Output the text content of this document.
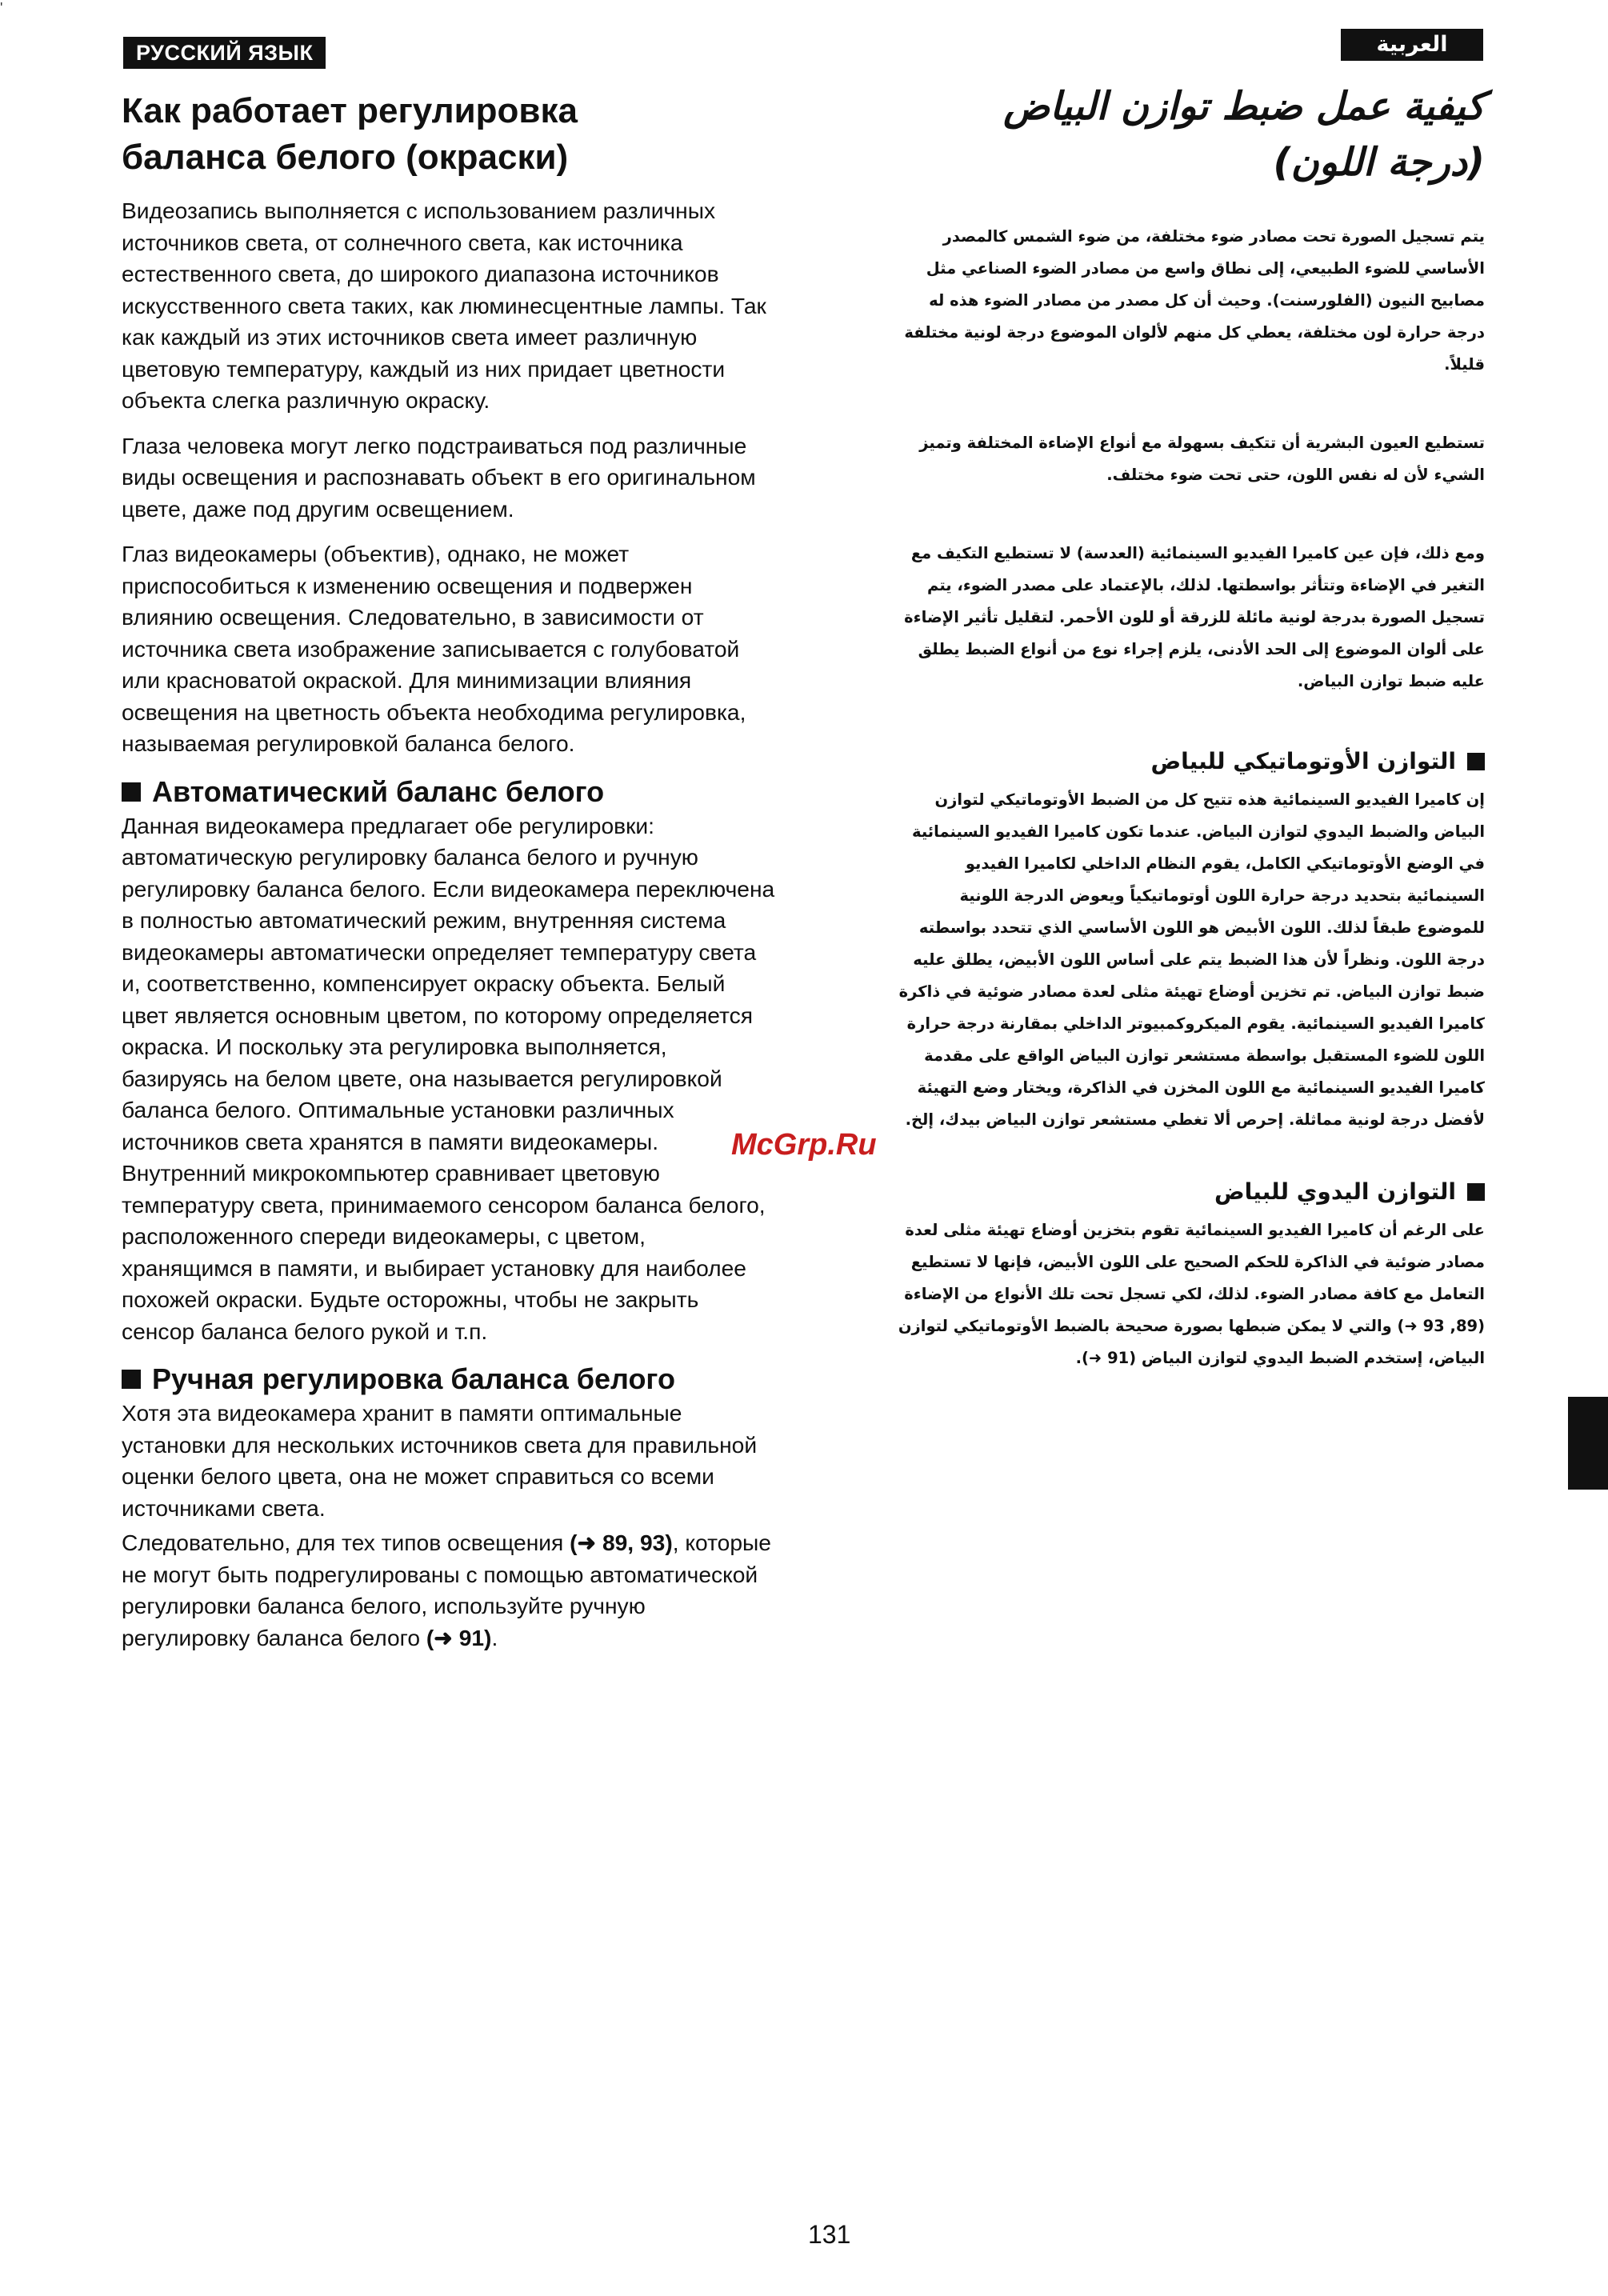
'
РУССКИЙ ЯЗЫК	العربية
Как работает регулировка
баланса белого (окраски)

Видеозапись выполняется с использованием различных источников света, от солнечного света, как источника естественного света, до широкого диапазона источников искусственного света таких, как люминесцентные лампы. Так как каждый из этих источников света имеет различную цветовую температуру, каждый из них придает цветности объекта слегка различную окраску.

Глаза человека могут легко подстраиваться под различные виды освещения и распознавать объект в его оригинальном цвете, даже под другим освещением.

Глаз видеокамеры (объектив), однако, не может приспособиться к изменению освещения и подвержен влиянию освещения. Следовательно, в зависимости от источника света изображение записывается с голубоватой или красноватой окраской. Для минимизации влияния освещения на цветность объекта необходима регулировка, называемая регулировкой баланса белого.

Автоматический баланс белого

Данная видеокамера предлагает обе регулировки: автоматическую регулировку баланса белого и ручную регулировку баланса белого. Если видеокамера переключена в полностью автоматический режим, внутренняя система видеокамеры автоматически определяет температуру света и, соответственно, компенсирует окраску объекта. Белый цвет является основным цветом, по которому определяется окраска. И поскольку эта регулировка выполняется, базируясь на белом цвете, она называется регулировкой баланса белого. Оптимальные установки различных источников света хранятся в памяти видеокамеры. Внутренний микрокомпьютер сравнивает цветовую температуру света, принимаемого сенсором баланса белого, расположенного спереди видеокамеры, с цветом, хранящимся в памяти, и выбирает установку для наиболее похожей окраски. Будьте осторожны, чтобы не закрыть сенсор баланса белого рукой и т.п.

Ручная регулировка баланса белого

Хотя эта видеокамера хранит в памяти оптимальные установки для нескольких источников света для правильной оценки белого цвета, она не может справиться со всеми источниками света.

Следовательно, для тех типов освещения (➜ 89, 93), которые не могут быть подрегулированы с помощью автоматической регулировки баланса белого, используйте ручную регулировку баланса белого (➜ 91).

كيفية عمل ضبط توازن البياض
(درجة اللون)

يتم تسجيل الصورة تحت مصادر ضوء مختلفة، من ضوء الشمس كالمصدر الأساسي للضوء الطبيعي، إلى نطاق واسع من مصادر الضوء الصناعي مثل مصابيح النيون (الفلورسنت). وحيث أن كل مصدر من مصادر الضوء هذه له درجة حرارة لون مختلفة، يعطي كل منهم لألوان الموضوع درجة لونية مختلفة قليلاً.

تستطيع العيون البشرية أن تتكيف بسهولة مع أنواع الإضاءة المختلفة وتميز الشيء لأن له نفس اللون، حتى تحت ضوء مختلف.

ومع ذلك، فإن عين كاميرا الفيديو السينمائية (العدسة) لا تستطيع التكيف مع التغير في الإضاءة وتتأثر بواسطتها. لذلك، بالإعتماد على مصدر الضوء، يتم تسجيل الصورة بدرجة لونية مائلة للزرقة أو للون الأحمر. لتقليل تأثير الإضاءة على ألوان الموضوع إلى الحد الأدنى، يلزم إجراء نوع من أنواع الضبط يطلق عليه ضبط توازن البياض.

التوازن الأوتوماتيكي للبياض

إن كاميرا الفيديو السينمائية هذه تتيح كل من الضبط الأوتوماتيكي لتوازن البياض والضبط اليدوي لتوازن البياض. عندما تكون كاميرا الفيديو السينمائية في الوضع الأوتوماتيكي الكامل، يقوم النظام الداخلي لكاميرا الفيديو السينمائية بتحديد درجة حرارة اللون أوتوماتيكياً ويعوض الدرجة اللونية للموضوع طبقاً لذلك. اللون الأبيض هو اللون الأساسي الذي تتحدد بواسطته درجة اللون. ونظراً لأن هذا الضبط يتم على أساس اللون الأبيض، يطلق عليه ضبط توازن البياض. تم تخزين أوضاع تهيئة مثلى لعدة مصادر ضوئية في ذاكرة كاميرا الفيديو السينمائية. يقوم الميكروكمبيوتر الداخلي بمقارنة درجة حرارة اللون للضوء المستقبل بواسطة مستشعر توازن البياض الواقع على مقدمة كاميرا الفيديو السينمائية مع اللون المخزن في الذاكرة، ويختار وضع التهيئة لأفضل درجة لونية مماثلة. إحرص ألا تغطي مستشعر توازن البياض بيدك، إلخ.

التوازن اليدوي للبياض

على الرغم أن كاميرا الفيديو السينمائية تقوم بتخزين أوضاع تهيئة مثلى لعدة مصادر ضوئية في الذاكرة للحكم الصحيح على اللون الأبيض، فإنها لا تستطيع التعامل مع كافة مصادر الضوء. لذلك، لكي تسجل تحت تلك الأنواع من الإضاءة (89, 93 ➜) والتي لا يمكن ضبطها بصورة صحيحة بالضبط الأوتوماتيكي لتوازن البياض، إستخدم الضبط اليدوي لتوازن البياض (91 ➜).

McGrp.Ru
131
